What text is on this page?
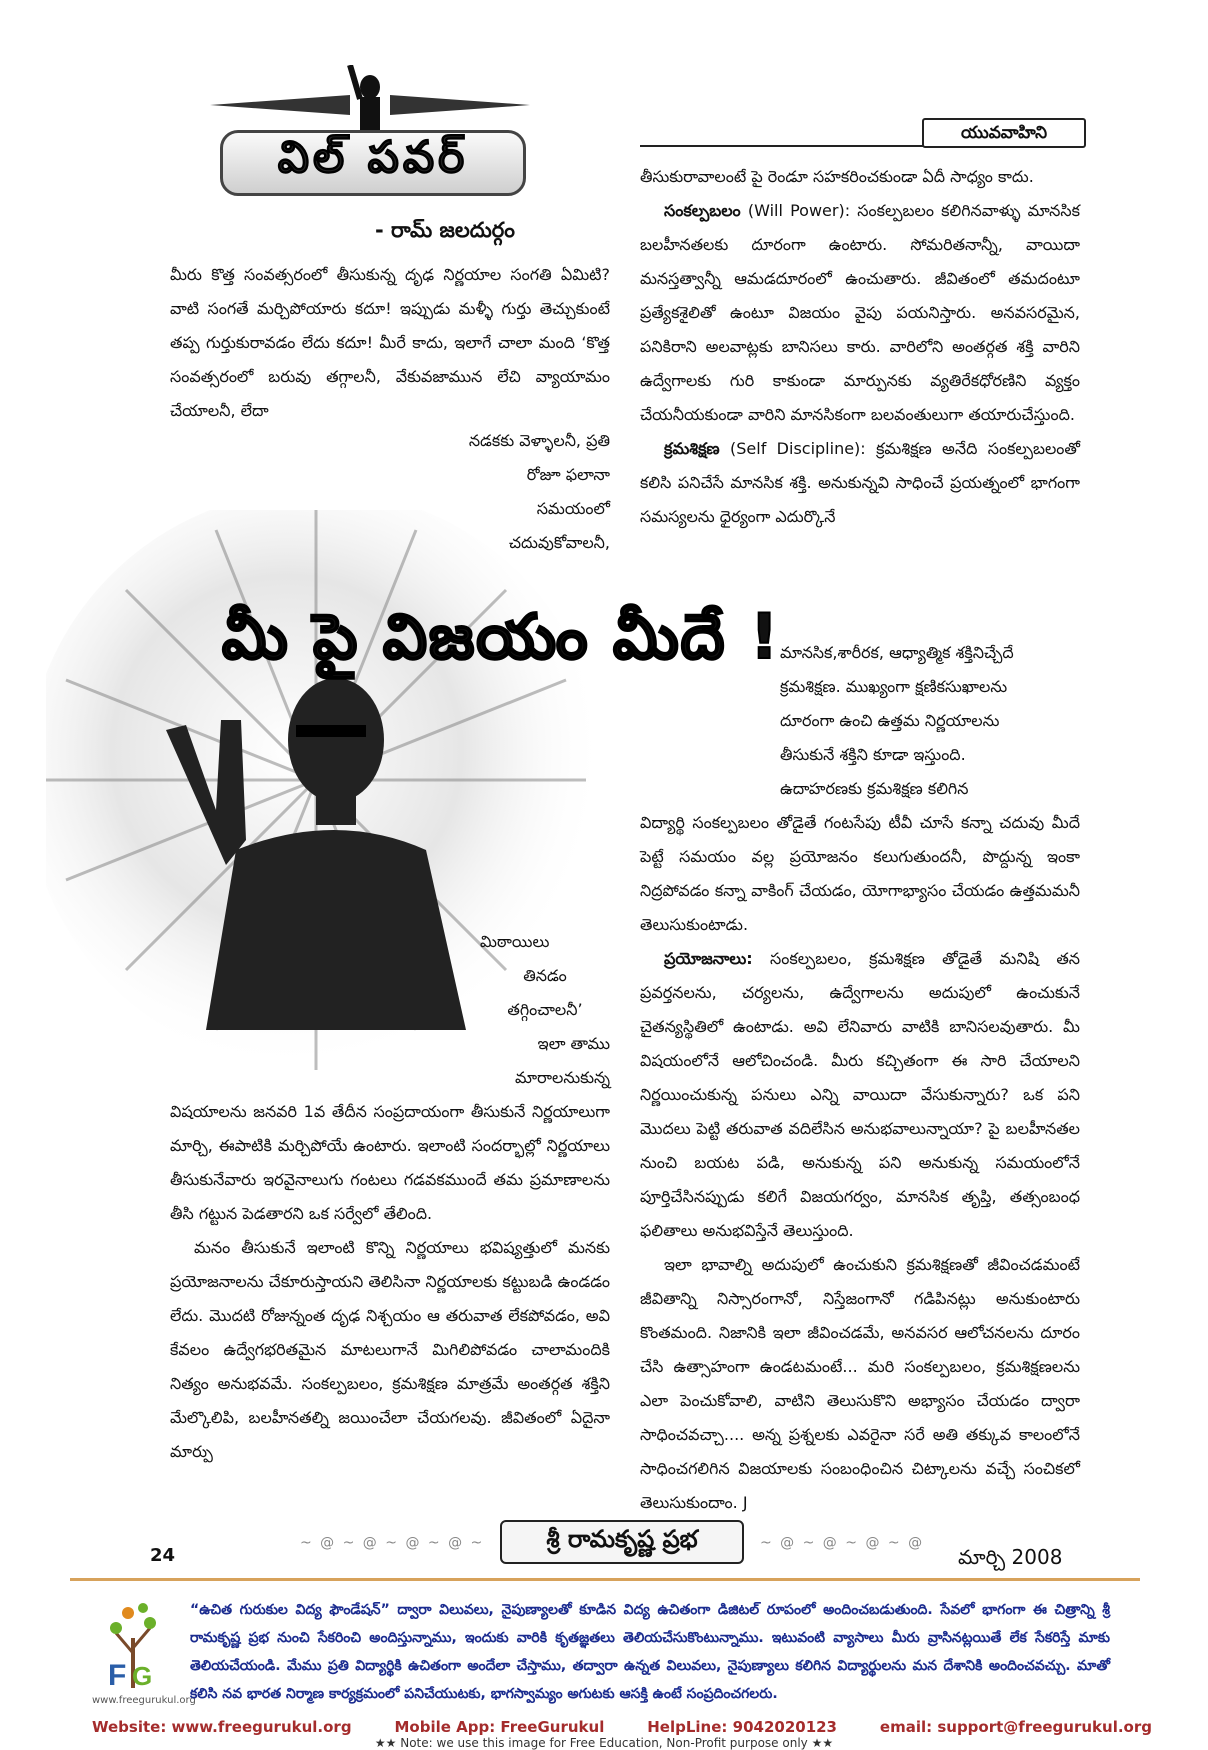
విల్ పవర్
- రామ్ జలదుర్గం
యువవాహిని

మీరు కొత్త సంవత్సరంలో తీసుకున్న దృఢ నిర్ణయాల సంగతి ఏమిటి? వాటి సంగతే మర్చిపోయారు కదూ! ఇప్పుడు మళ్ళీ గుర్తు తెచ్చుకుంటే తప్ప గుర్తుకురావడం లేదు కదూ! మీరే కాదు, ఇలాగే చాలా మంది ‘కొత్త సంవత్సరంలో బరువు తగ్గాలనీ, వేకువజామున లేచి వ్యాయామం చేయాలనీ, లేదా

నడకకు వెళ్ళాలనీ, ప్రతి
రోజూ ఫలానా
సమయంలో
చదువుకోవాలనీ,
మీ పై విజయం మీదే !
మిఠాయిలు
తినడం
తగ్గించాలనీ’
ఇలా తాము
మారాలనుకున్న

విషయాలను జనవరి 1వ తేదీన సంప్రదాయంగా తీసుకునే నిర్ణయాలుగా మార్చి, ఈపాటికి మర్చిపోయే ఉంటారు. ఇలాంటి సందర్భాల్లో నిర్ణయాలు తీసుకునేవారు ఇరవైనాలుగు గంటలు గడవకముందే తమ ప్రమాణాలను తీసి గట్టున పెడతారని ఒక సర్వేలో తేలింది.

మనం తీసుకునే ఇలాంటి కొన్ని నిర్ణయాలు భవిష్యత్తులో మనకు ప్రయోజనాలను చేకూరుస్తాయని తెలిసినా నిర్ణయాలకు కట్టుబడి ఉండడం లేదు. మొదటి రోజున్నంత దృఢ నిశ్చయం ఆ తరువాత లేకపోవడం, అవి కేవలం ఉద్వేగభరితమైన మాటలుగానే మిగిలిపోవడం చాలామందికి నిత్యం అనుభవమే. సంకల్పబలం, క్రమశిక్షణ మాత్రమే అంతర్గత శక్తిని మేల్కొలిపి, బలహీనతల్ని జయించేలా చేయగలవు. జీవితంలో ఏదైనా మార్పు

తీసుకురావాలంటే పై రెండూ సహకరించకుండా ఏదీ సాధ్యం కాదు.

సంకల్పబలం (Will Power): సంకల్పబలం కలిగినవాళ్ళు మానసిక బలహీనతలకు దూరంగా ఉంటారు. సోమరితనాన్నీ, వాయిదా మనస్తత్వాన్నీ ఆమడదూరంలో ఉంచుతారు. జీవితంలో తమదంటూ ప్రత్యేకశైలితో ఉంటూ విజయం వైపు పయనిస్తారు. అనవసరమైన, పనికిరాని అలవాట్లకు బానిసలు కారు. వారిలోని అంతర్గత శక్తి వారిని ఉద్వేగాలకు గురి కాకుండా మార్పునకు వ్యతిరేకధోరణిని వ్యక్తం చేయనీయకుండా వారిని మానసికంగా బలవంతులుగా తయారుచేస్తుంది.

క్రమశిక్షణ (Self Discipline): క్రమశిక్షణ అనేది సంకల్పబలంతో కలిసి పనిచేసే మానసిక శక్తి. అనుకున్నవి సాధించే ప్రయత్నంలో భాగంగా సమస్యలను ధైర్యంగా ఎదుర్కొనే

మానసిక,శారీరక, ఆధ్యాత్మిక శక్తినిచ్చేదే

క్రమశిక్షణ. ముఖ్యంగా క్షణికసుఖాలను

దూరంగా ఉంచి ఉత్తమ నిర్ణయాలను

తీసుకునే శక్తిని కూడా ఇస్తుంది.

ఉదాహరణకు క్రమశిక్షణ కలిగిన

విద్యార్థి సంకల్పబలం తోడైతే గంటసేపు టీవీ చూసే కన్నా చదువు మీదే పెట్టే సమయం వల్ల ప్రయోజనం కలుగుతుందనీ, పొద్దున్న ఇంకా నిద్రపోవడం కన్నా వాకింగ్ చేయడం, యోగాభ్యాసం చేయడం ఉత్తమమనీ తెలుసుకుంటాడు.

ప్రయోజనాలు: సంకల్పబలం, క్రమశిక్షణ తోడైతే మనిషి తన ప్రవర్తనలను, చర్యలను, ఉద్వేగాలను అదుపులో ఉంచుకునే చైతన్యస్థితిలో ఉంటాడు. అవి లేనివారు వాటికి బానిసలవుతారు. మీ విషయంలోనే ఆలోచించండి. మీరు కచ్చితంగా ఈ సారి చేయాలని నిర్ణయించుకున్న పనులు ఎన్ని వాయిదా వేసుకున్నారు? ఒక పని మొదలు పెట్టి తరువాత వదిలేసిన అనుభవాలున్నాయా? పై బలహీనతల నుంచి బయట పడి, అనుకున్న పని అనుకున్న సమయంలోనే పూర్తిచేసినప్పుడు కలిగే విజయగర్వం, మానసిక తృప్తి, తత్సంబంధ ఫలితాలు అనుభవిస్తేనే తెలుస్తుంది.

ఇలా భావాల్ని అదుపులో ఉంచుకుని క్రమశిక్షణతో జీవించడమంటే జీవితాన్ని నిస్సారంగానో, నిస్తేజంగానో గడిపినట్లు అనుకుంటారు కొంతమంది. నిజానికి ఇలా జీవించడమే, అనవసర ఆలోచనలను దూరం చేసి ఉత్సాహంగా ఉండటమంటే... మరి సంకల్పబలం, క్రమశిక్షణలను ఎలా పెంచుకోవాలి, వాటిని తెలుసుకొని అభ్యాసం చేయడం ద్వారా సాధించవచ్చా.... అన్న ప్రశ్నలకు ఎవరైనా సరే అతి తక్కువ కాలంలోనే సాధించగలిగిన విజయాలకు సంబంధించిన చిట్కాలను వచ్చే సంచికలో తెలుసుకుందాం. J

24
~ @ ~ @ ~ @ ~ @ ~	శ్రీ రామకృష్ణ ప్రభ	~ @ ~ @ ~ @ ~ @
మార్చి 2008
F G
www.freegurukul.org
“ఉచిత గురుకుల విద్య ఫౌండేషన్” ద్వారా విలువలు, నైపుణ్యాలతో కూడిన విద్య ఉచితంగా డిజిటల్ రూపంలో అందించబడుతుంది. సేవలో భాగంగా ఈ చిత్రాన్ని శ్రీ రామకృష్ణ ప్రభ నుంచి సేకరించి అందిస్తున్నాము, ఇందుకు వారికి కృతజ్ఞతలు తెలియచేసుకొంటున్నాము. ఇటువంటి వ్యాసాలు మీరు వ్రాసినట్లయితే లేక సేకరిస్తే మాకు తెలియచేయండి. మేము ప్రతి విద్యార్థికి ఉచితంగా అందేలా చేస్తాము, తద్వారా ఉన్నత విలువలు, నైపుణ్యాలు కలిగిన విద్యార్థులను మన దేశానికి అందించవచ్చు. మాతో కలిసి నవ భారత నిర్మాణ కార్యక్రమంలో పనిచేయుటకు, భాగస్వామ్యం అగుటకు ఆసక్తి ఉంటే సంప్రదించగలరు.
Website: www.freegurukul.org	Mobile App: FreeGurukul	HelpLine: 9042020123	email: support@freegurukul.org
★★ Note: we use this image for Free Education, Non-Profit purpose only ★★
